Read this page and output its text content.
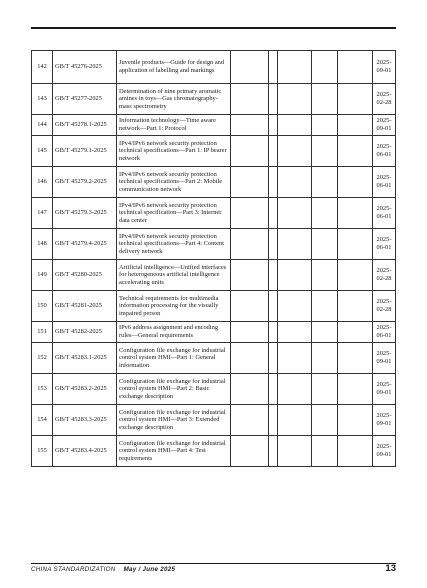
142	GB/T 45276-2025	Juvenile products—Guide for design and application of labelling and markings						2025-09-01
143	GB/T 45277-2025	Determination of nine primary aromatic amines in toys—Gas chromatography-mass spectrometry						2025-02-28
144	GB/T 45278.1-2025	Information technology—Time aware network—Part 1: Protocol						2025-09-01
145	GB/T 45279.1-2025	IPv4/IPv6 network security protection technical specifications—Part 1: IP bearer network						2025-06-01
146	GB/T 45279.2-2025	IPv4/IPv6 network security protection technical specifications—Part 2: Mobile communication network						2025-06-01
147	GB/T 45279.3-2025	IPv4/IPv6 network security protection technical specification—Part 3: Internet data center						2025-06-01
148	GB/T 45279.4-2025	IPv4/IPv6 network security protection technical specifications—Part 4: Content delivery network						2025-06-01
149	GB/T 45280-2025	Artificial intelligence—Unified interfaces for heterogeneous artificial intelligence accelerating units						2025-02-28
150	GB/T 45281-2025	Technical requirements for multimedia information processing for the visually impaired person						2025-02-28
151	GB/T 45282-2025	IPv6 address assignment and encoding rules—General requirements						2025-06-01
152	GB/T 45283.1-2025	Configuration file exchange for industrial control system HMI—Part 1: General information						2025-09-01
153	GB/T 45283.2-2025	Configuration file exchange for industrial control system HMI—Part 2: Basic exchange description						2025-09-01
154	GB/T 45283.3-2025	Configuration file exchange for industrial control system HMI—Part 3: Extended exchange description						2025-09-01
155	GB/T 45283.4-2025	Configuration file exchange for industrial control system HMI—Part 4: Test requirements						2025-09-01
CHINA STANDARDIZATION May / June 2025	13
